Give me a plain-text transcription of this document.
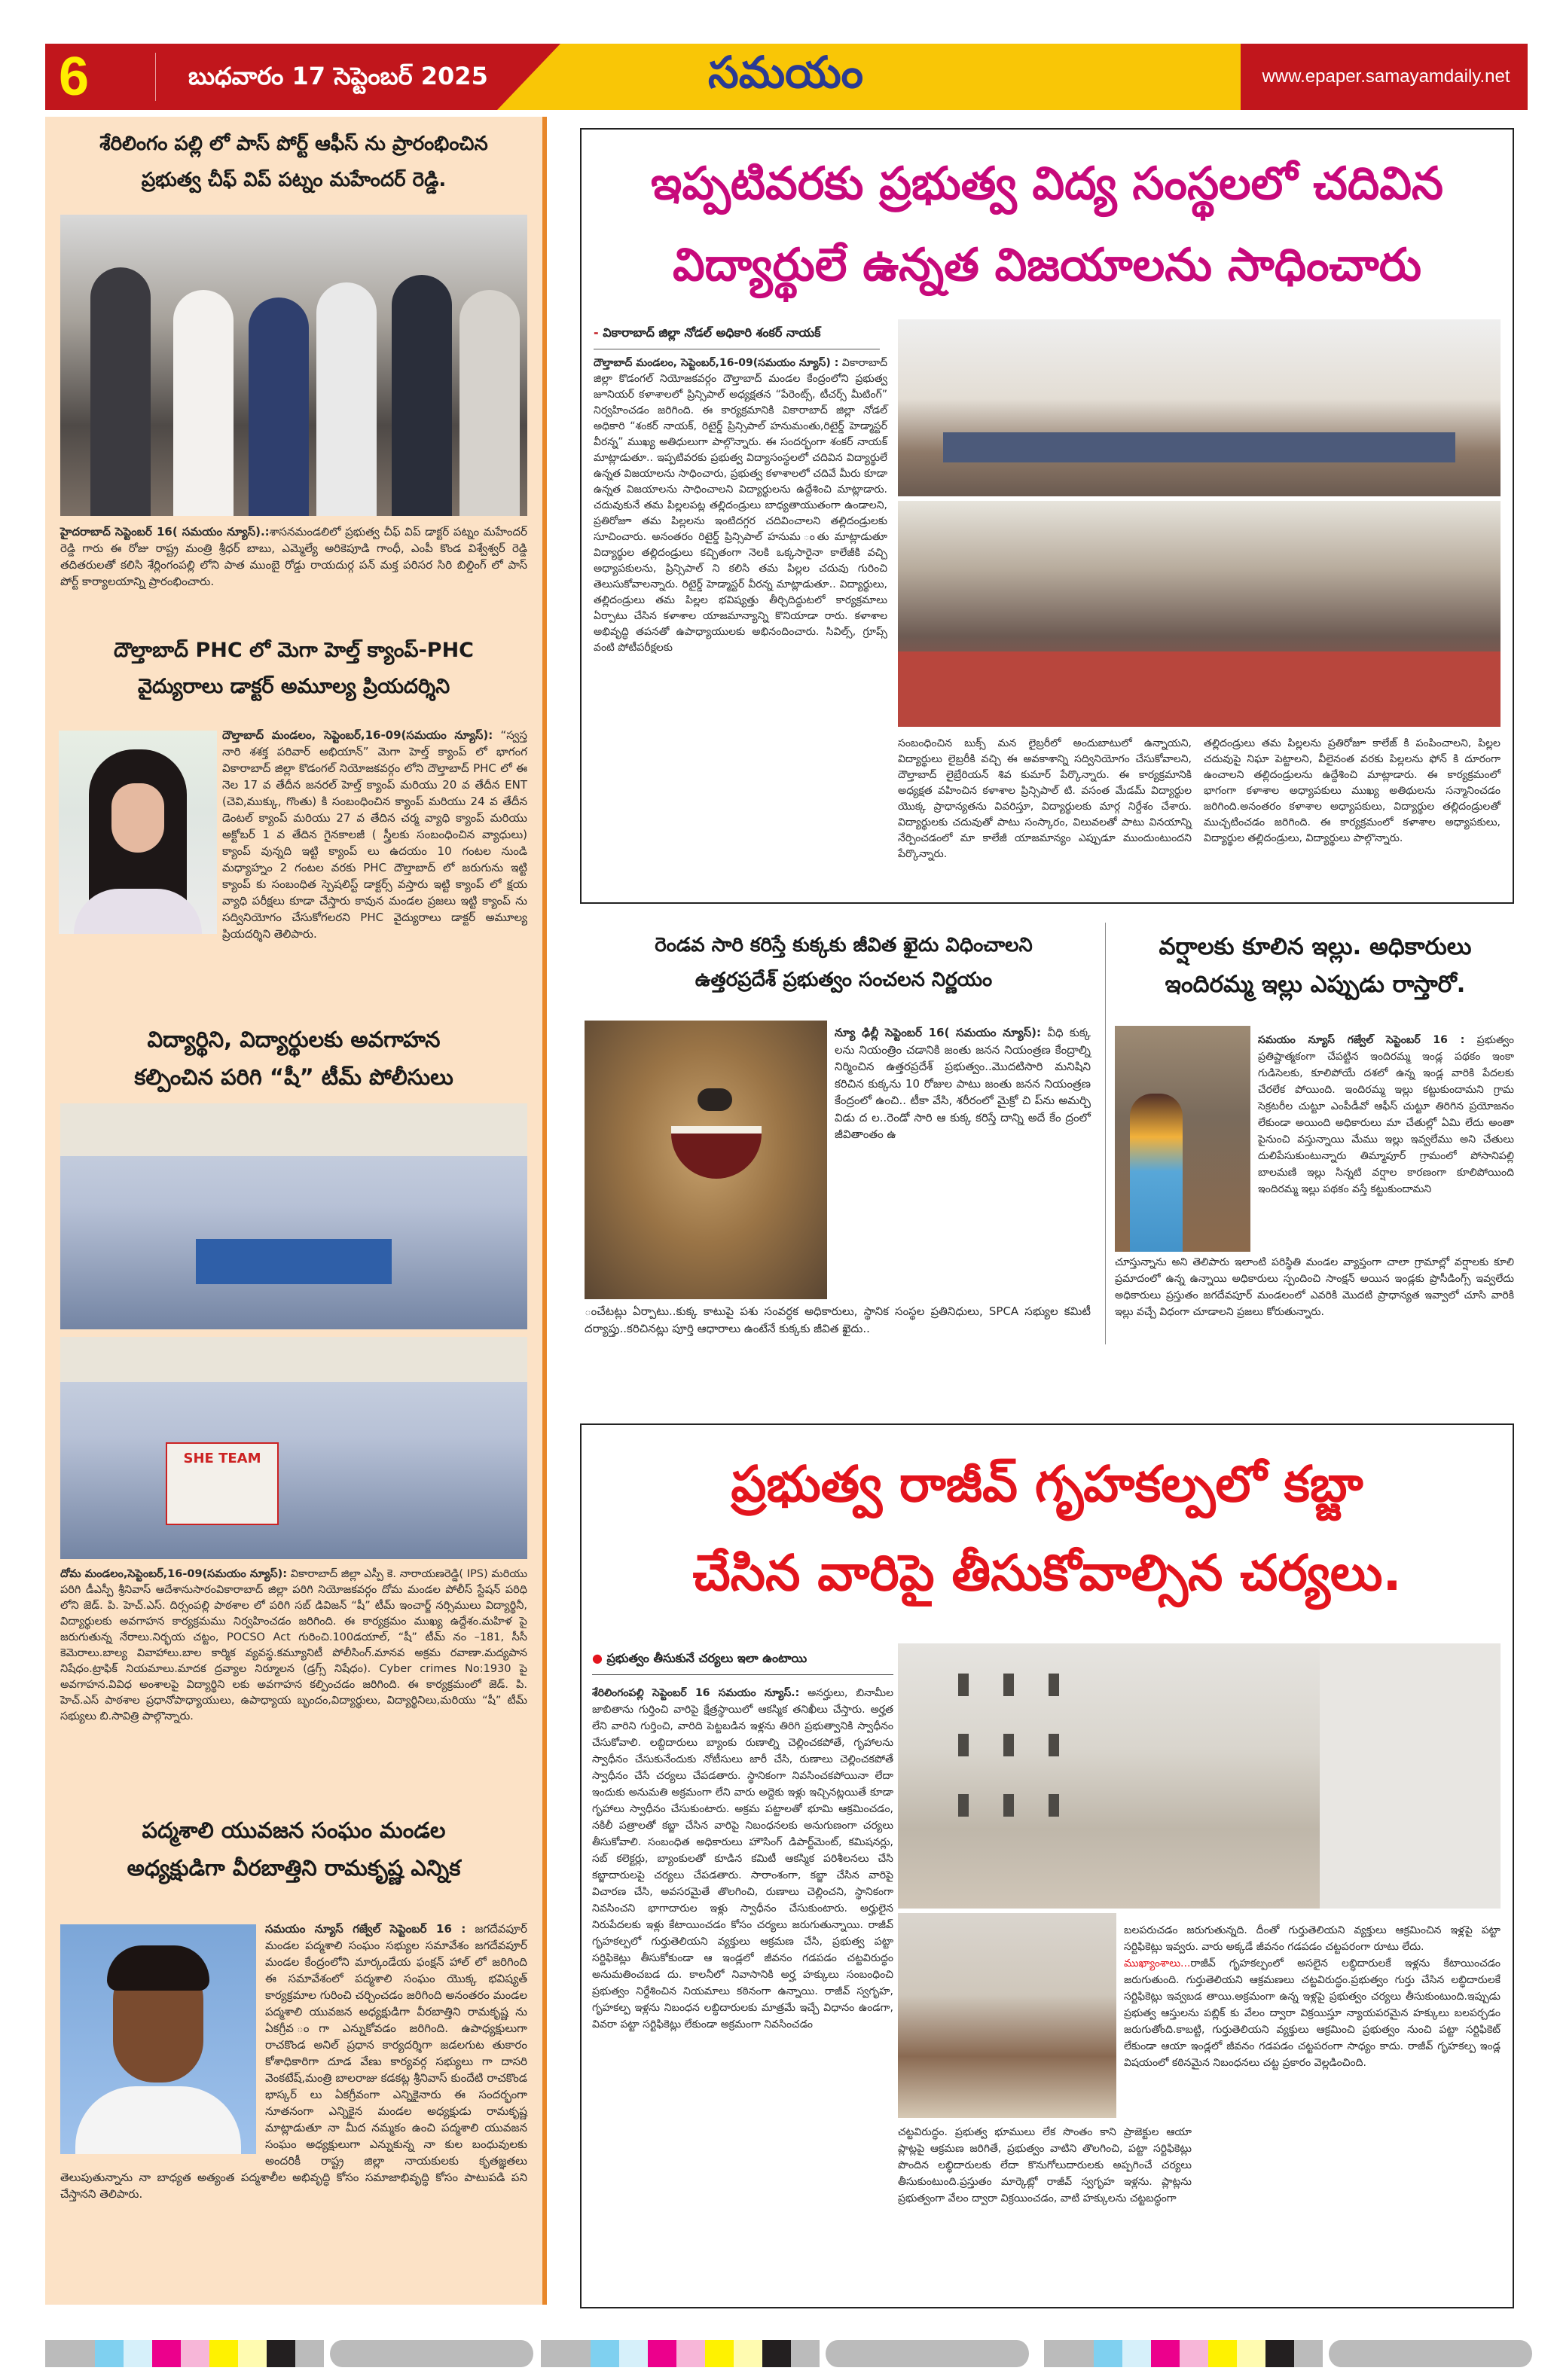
6	బుధవారం 17 సెప్టెంబర్ 2025	సమయం	www.epaper.samayamdaily.net
శేరిలింగం పల్లి లో పాస్ పోర్ట్ ఆఫీస్ ను ప్రారంభించిన
ప్రభుత్వ చీఫ్ విప్ పట్నం మహేందర్ రెడ్డి.
హైదరాబాద్ సెప్టెంబర్ 16( సమయం న్యూస్).:శాసనమండలిలో ప్రభుత్వ చీఫ్ విప్ డాక్టర్ పట్నం మహేందర్ రెడ్డి గారు ఈ రోజు రాష్ట్ర మంత్రి శ్రీధర్ బాబు, ఎమ్మెల్యే అరికెపూడి గాంధీ, ఎంపీ కొండ విశ్వేశ్వర్ రెడ్డి తదితరులతో కలిసి శేర్లింగంపల్లి లోని పాత ముంబై రోడ్డు రాయదుర్గ పన్ మక్త పరిసర సిరి బిల్డింగ్ లో పాస్ పోర్ట్ కార్యాలయాన్ని ప్రారంభించారు.
దౌల్తాబాద్ PHC లో మెగా హెల్త్ క్యాంప్-PHC
వైద్యురాలు డాక్టర్ అమూల్య ప్రియదర్శిని
దౌల్తాబాద్ మండలం, సెప్టెంబర్,16-09(సమయం న్యూస్): “స్వస్త నారి శశక్త పరివార్ అభియాన్” మెగా హెల్త్ క్యాంప్ లో భాగంగ వికారాబాద్ జిల్లా కొడంగల్ నియోజకవర్గం లోని దౌల్తాబాద్ PHC లో ఈ నెల 17 వ తేదీన జనరల్ హెల్త్ క్యాంప్ మరియు 20 వ తేదీన ENT (చెవి,ముక్కు, గొంతు) కి సంబంధించిన క్యాంప్ మరియు 24 వ తేదీన డెంటల్ క్యాంప్ మరియు 27 వ తేదిన చర్మ వ్యాధి క్యాంప్ మరియు అక్టోబర్ 1 వ తేదిన గైనకాలజీ ( స్త్రీలకు సంబంధించిన వ్యాధులు) క్యాంప్ వున్నది ఇట్టి క్యాంప్ లు ఉదయం 10 గంటల నుండి మధ్యాహ్నం 2 గంటల వరకు PHC దౌల్తాబాద్ లో జరుగును ఇట్టి క్యాంప్ కు సంబంధిత స్పెషలిస్ట్ డాక్టర్స్ వస్తారు ఇట్టి క్యాంప్ లో క్షయ వ్యాధి పరీక్షలు కూడా చేస్తారు కావున మండల ప్రజలు ఇట్టి క్యాంప్ ను సద్వినియోగం చేసుకోగలరని PHC వైద్యురాలు డాక్టర్ అమూల్య ప్రియదర్శిని తెలిపారు.
విద్యార్థిని, విద్యార్థులకు అవగాహన
కల్పించిన పరిగి “షీ” టీమ్ పోలీసులు
SHE TEAM
దోమ మండలం,సెప్టెంబర్,16-09(సమయం న్యూస్): వికారాబాద్ జిల్లా ఎస్పీ కె. నారాయణరెడ్డి( IPS) మరియు పరిగి డీఎస్పీ శ్రీనివాస్ ఆదేశానుసారంవికారాబాద్ జిల్లా పరిగి నియోజకవర్గం దోమ మండల పోలీస్ స్టేషన్ పరిధి లోని జెడ్. పి. హెచ్.ఎస్. దిర్సంపల్లి పాఠశాల లో పరిగి సబ్ డివిజన్ “షీ” టీమ్ ఇంచార్జ్ నర్సిములు విద్యార్థినీ, విద్యార్థులకు అవగాహన కార్యక్రమము నిర్వహించడం జరిగింది. ఈ కార్యక్రమం ముఖ్య ఉద్దేశం.మహిళ పై జరుగుతున్న నేరాలు.నిర్భయ చట్టం, POCSO Act గురించి.100డయాల్, “షీ” టీమ్ నం –181, సీసీ కెమెరాలు.బాల్య వివాహాలు.బాల కార్మిక వ్యవస్థ.కమ్యూనిటీ పోలీసింగ్.మానవ అక్రమ రవాణా.మద్యపాన నిషేధం.ట్రాఫిక్ నియమాలు.మాదక ద్రవ్యాల నిర్మూలన (డ్రగ్స్ నిషేధం). Cyber crimes No:1930 పై అవగాహన.వివిధ అంశాలపై విద్యార్థిని లకు అవగాహన కల్పించడం జరిగింది. ఈ కార్యక్రమంలో జెడ్. పి. హెచ్.ఎస్ పాఠశాల ప్రధానోపాధ్యాయులు, ఉపాధ్యాయ బృందం,విద్యార్థులు, విద్యార్థినిలు,మరియు “షీ” టీమ్ సభ్యులు బి.సావిత్రి పాల్గొన్నారు.
పద్మశాలి యువజన సంఘం మండల
అధ్యక్షుడిగా వీరబాత్తిని రామకృష్ణ ఎన్నిక
సమయం న్యూస్ గజ్వేల్ సెప్టెంబర్ 16 : జగదేవపూర్ మండల పద్మశాలి సంఘం సభ్యుల సమావేశం జగదేవపూర్ మండల కేంద్రంలోని మార్కండేయ ఫంక్షన్ హాల్ లో జరిగింది ఈ సమావేశంలో పద్మశాలి సంఘం యొక్క భవిష్యత్ కార్యక్రమాల గురించి చర్చించడం జరిగింది అనంతరం మండల పద్మశాలి యువజన అధ్యక్షుడిగా వీరబాత్తిని రామకృష్ణ ను ఏకగ్రీవ ంగా ఎన్నుకోవడం జరిగింది. ఉపాధ్యక్షులుగా రాచకొండ అనిల్ ప్రధాన కార్యదర్శిగా జడలగుట తుకారం కోశాధికారిగా దూడ వేణు కార్యవర్గ సభ్యులు గా దాసరి వెంకటేష్,మంత్రి బాలరాజు కడకట్ల శ్రీనివాస్ కుందేటి రాచకొండ భాస్కర్ లు ఏకగ్రీవంగా ఎన్నికైనారు ఈ సందర్భంగా నూతనంగా ఎన్నికైన మండల అధ్యక్షుడు రామకృష్ణ మాట్లాడుతూ నా మీద నమ్మకం ఉంచి పద్మశాలి యువజన సంఘం అధ్యక్షులుగా ఎన్నుకున్న నా కుల బంధువులకు అందరికీ రాష్ట్ర జిల్లా నాయకులకు కృతజ్ఞతలు తెలుపుతున్నాను నా బాధ్యత అత్యంత పద్మశాలీల అభివృద్ధి కోసం సమాజాభివృద్ధి కోసం పాటుపడి పని చేస్తానని తెలిపారు.
ఇప్పటివరకు ప్రభుత్వ విద్య సంస్థలలో చదివిన
విద్యార్థులే ఉన్నత విజయాలను సాధించారు
- వికారాబాద్ జిల్లా నోడల్ అధికారి శంకర్ నాయక్
దౌల్తాబాద్ మండలం, సెప్టెంబర్,16-09(సమయం న్యూస్) : వికారాబాద్ జిల్లా కొడంగల్ నియోజకవర్గం దౌల్తాబాద్ మండల కేంద్రంలోని ప్రభుత్వ జూనియర్ కళాశాలలో ప్రిన్సిపాల్ అధ్యక్షతన “పేరెంట్స్, టీచర్స్ మీటింగ్” నిర్వహించడం జరిగింది. ఈ కార్యక్రమానికి వికారాబాద్ జిల్లా నోడల్ అధికారి “శంకర్ నాయక్, రిటైర్డ్ ప్రిన్సిపాల్ హనుమంతు,రిటైర్డ్ హెడ్మాస్టర్ వీరన్న” ముఖ్య అతిధులుగా పాల్గొన్నారు. ఈ సందర్భంగా శంకర్ నాయక్ మాట్లాడుతూ.. ఇప్పటివరకు ప్రభుత్వ విద్యాసంస్థలలో చదివిన విద్యార్థులే ఉన్నత విజయాలను సాధించారు, ప్రభుత్వ కళాశాలలో చదివే మీరు కూడా ఉన్నత విజయాలను సాధించాలని విద్యార్థులను ఉద్దేశించి మాట్లాడారు. చదువుకునే తమ పిల్లలపట్ల తల్లిదండ్రులు బాధ్యతాయుతంగా ఉండాలని, ప్రతిరోజూ తమ పిల్లలను ఇంటిదగ్గర చదివించాలని తల్లిదండ్రులకు సూచించారు. అనంతరం రిటైర్డ్ ప్రిన్సిపాల్ హనుమ ంతు మాట్లాడుతూ విద్యార్థుల తల్లిదండ్రులు కచ్చితంగా నెలకి ఒక్కసారైనా కాలేజీకి వచ్చి అధ్యాపకులను, ప్రిన్సిపాల్ ని కలిసి తమ పిల్లల చదువు గురించి తెలుసుకోవాలన్నారు. రిటైర్డ్ హెడ్మాస్టర్ వీరన్న మాట్లాడుతూ.. విద్యార్థులు, తల్లిదండ్రులు తమ పిల్లల భవిష్యత్తు తీర్చిదిద్దుటలో కార్యక్రమాలు ఏర్పాటు చేసిన కళాశాల యాజమాన్యాన్ని కొనియాడా రారు. కళాశాల అభివృద్ధి తపనతో ఉపాధ్యాయులకు అభినందించారు. సివిల్స్, గ్రూప్స్ వంటి పోటీపరీక్షలకు
సంబంధించిన బుక్స్ మన లైబ్రరీలో అందుబాటులో ఉన్నాయని, విద్యార్థులు లైబ్రరీకి వచ్చి ఈ అవకాశాన్ని సద్వినియోగం చేసుకోవాలని, దౌల్తాబాద్ లైబ్రేరియన్ శివ కుమార్ పేర్కొన్నారు. ఈ కార్యక్రమానికి అధ్యక్షత వహించిన కళాశాల ప్రిన్సిపాల్ టి. వసంత మేడమ్ విద్యార్థుల యొక్క ప్రాధాన్యతను వివరిస్తూ, విద్యార్థులకు మార్గ నిర్దేశం చేశారు. విద్యార్థులకు చదువుతో పాటు సంస్కారం, విలువలతో పాటు వినయాన్ని నేర్పించడంలో మా కాలేజీ యాజమాన్యం ఎప్పుడూ ముందుంటుందని పేర్కొన్నారు.
తల్లిదండ్రులు తమ పిల్లలను ప్రతిరోజూ కాలేజ్ కి పంపించాలని, పిల్లల చదువుపై నిఘా పెట్టాలని, వీలైనంత వరకు పిల్లలను ఫోన్ కి దూరంగా ఉంచాలని తల్లిదండ్రులను ఉద్దేశించి మాట్లాడారు. ఈ కార్యక్రమంలో భాగంగా కళాశాల అధ్యాపకులు ముఖ్య అతిథులను సన్మానించడం జరిగింది.అనంతరం కళాశాల అధ్యాపకులు, విద్యార్థుల తల్లిదండ్రులతో ముచ్చటించడం జరిగింది. ఈ కార్యక్రమంలో కళాశాల అధ్యాపకులు, విద్యార్థుల తల్లిదండ్రులు, విద్యార్థులు పాల్గొన్నారు.
రెండవ సారి కరిస్తే కుక్కకు జీవిత ఖైదు విధించాలని
ఉత్తరప్రదేశ్ ప్రభుత్వం సంచలన నిర్ణయం
న్యూ ఢిల్లీ సెప్టెంబర్ 16( సమయం న్యూస్): వీధి కుక్క లను నియంత్రిం చడానికి జంతు జనన నియంత్రణ కేంద్రాల్ని నిర్మించిన ఉత్తరప్రదేశ్ ప్రభుత్వం..మొదటిసారి మనిషిని కరిచిన కుక్కను 10 రోజుల పాటు జంతు జనన నియంత్రణ కేంద్రంలో ఉంచి.. టీకా వేసి, శరీరంలో మైక్రో చి ప్‌ను అమర్చి విడు ద ల..రెండో సారి ఆ కుక్క కరిస్తే దాన్ని అదే కేం ద్రంలో జీవితాంతం ఉ
ంచేటట్లు ఏర్పాటు..కుక్క కాటుపై పశు సంవర్ధక అధికారులు, స్థానిక సంస్థల ప్రతినిధులు, SPCA సభ్యుల కమిటీ దర్యాప్తు..కరిచినట్లు పూర్తి ఆధారాలు ఉంటేనే కుక్కకు జీవిత ఖైదు..
వర్షాలకు కూలిన ఇల్లు. అధికారులు
ఇందిరమ్మ ఇల్లు ఎప్పుడు రాస్తారో.
సమయం న్యూస్ గజ్వేల్ సెప్టెంబర్ 16 : ప్రభుత్వం ప్రతిష్టాత్మకంగా చేపట్టిన ఇందిరమ్మ ఇండ్ల పథకం ఇంకా గుడిసెలకు, కూలిపోయే దశలో ఉన్న ఇండ్ల వారికి పేదలకు చేరలేక పోయింది. ఇందిరమ్మ ఇల్లు కట్టుకుందామని గ్రామ సెక్రటరీల చుట్టూ ఎంపీడీవో ఆఫీస్ చుట్టూ తిరిగిన ప్రయోజనం లేకుండా అయింది అధికారులు మా చేతుల్లో ఏమి లేదు అంతా పైనుంచి వస్తున్నాయి మేము ఇల్లు ఇవ్వలేము అని చేతులు దులిపేసుకుంటున్నారు తిమ్మాపూర్ గ్రామంలో పోసానిపల్లి బాలమణి ఇల్లు సిన్నటి వర్షాల కారణంగా కూలిపోయింది ఇందిరమ్మ ఇల్లు పథకం వస్తే కట్టుకుందామని
చూస్తున్నాను అని తెలిపారు ఇలాంటి పరిస్థితి మండల వ్యాప్తంగా చాలా గ్రామాల్లో వర్షాలకు కూలి ప్రమాదంలో ఉన్న ఉన్నాయి అధికారులు స్పందించి సాంక్షన్ అయిన ఇండ్లకు ప్రొసీడింగ్స్ ఇవ్వలేదు అధికారులు ప్రస్తుతం జగదేవపూర్ మండలంలో ఎవరికి మొదటి ప్రాధాన్యత ఇవ్వాలో చూసి వారికి ఇల్లు వచ్చే విధంగా చూడాలని ప్రజలు కోరుతున్నారు.
ప్రభుత్వ రాజీవ్ గృహకల్పలో కబ్జా
చేసిన వారిపై తీసుకోవాల్సిన చర్యలు.
● ప్రభుత్వం తీసుకునే చర్యలు ఇలా ఉంటాయి
శేరిలింగంపల్లి సెప్టెంబర్ 16 సమయం న్యూస్.: అనర్హులు, బినామీల జాబితాను గుర్తించి వారిపై క్షేత్రస్థాయిలో ఆకస్మిక తనిఖీలు చేస్తారు. అర్హత లేని వారిని గుర్తించి, వారిది పెట్టబడిన ఇళ్లను తిరిగి ప్రభుత్వానికి స్వాధీనం చేసుకోవాలి. లబ్ధిదారులు బ్యాంకు రుణాల్ని చెల్లించకపోతే, గృహాలను స్వాధీనం చేసుకునేందుకు నోటీసులు జారీ చేసి, రుణాలు చెల్లించకపోతే స్వాధీనం చేసే చర్యలు చేపడతారు. స్థానికంగా నివసించకపోయినా లేదా ఇందుకు అనుమతి అక్రమంగా లేని వారు అద్దెకు ఇళ్లు ఇచ్చినట్లయితే కూడా గృహాలు స్వాధీనం చేసుకుంటారు. అక్రమ పట్టాలతో భూమి ఆక్రమించడం, నకిలీ పత్రాలతో కబ్జా చేసిన వారిపై నిబంధనలకు అనుగుణంగా చర్యలు తీసుకోవాలి. సంబంధిత అధికారులు హౌసింగ్ డిపార్ట్‌మెంట్, కమిషనర్లు, సబ్ కలెక్టర్లు, బ్యాంకులతో కూడిన కమిటీ ఆకస్మిక పరిశీలనలు చేసి కబ్జాదారులపై చర్యలు చేపడతారు. సారాంశంగా, కబ్జా చేసిన వారిపై విచారణ చేసి, అవసరమైతే తొలగించి, రుణాలు చెల్లించని, స్థానికంగా నివసించని భాగాదారుల ఇళ్లు స్వాధీనం చేసుకుంటారు. అర్హులైన నిరుపేదలకు ఇళ్లు కేటాయించడం కోసం చర్యలు జరుగుతున్నాయి. రాజీవ్ గృహకల్పలో గుర్తుతెలియని వ్యక్తులు ఆక్రమణ చేసి, ప్రభుత్వ పట్టా సర్టిఫికెట్లు తీసుకోకుండా ఆ ఇండ్లలో జీవనం గడపడం చట్టవిరుద్ధం అనుమతించబడ దు. కాలనీలో నివాసానికి అర్హ హక్కులు సంబంధించి ప్రభుత్వం నిర్దేశించిన నియమాలు కఠినంగా ఉన్నాయి. రాజీవ్ స్వగృహ, గృహకల్ప ఇళ్లను నిబంధన లబ్ధిదారులకు మాత్రమే ఇచ్చే విధానం ఉండగా, వివరా పట్టా సర్టిఫికెట్లు లేకుండా అక్రమంగా నివసించడం
చట్టవిరుద్ధం. ప్రభుత్వ భూములు లేక సొంతం కాని ప్రాజెక్టుల ఆయా ప్లాట్లపై ఆక్రమణ జరిగితే, ప్రభుత్వం వాటిని తొలగించి, పట్టా సర్టిఫికెట్లు పొందిన లబ్ధిదారులకు లేదా కొనుగోలుదారులకు అప్పగించే చర్యలు తీసుకుంటుంది.ప్రస్తుతం మార్కెట్లో రాజీవ్ స్వగృహ ఇళ్లను. ప్లాట్లను ప్రభుత్వంగా వేలం ద్వారా విక్రయించడం, వాటి హక్కులను చట్టబద్ధంగా
బలపరుచడం జరుగుతున్నది. దీంతో గుర్తుతెలియని వ్యక్తులు ఆక్రమించిన ఇళ్లపై పట్టా సర్టిఫికెట్లు ఇవ్వరు. వారు అక్కడే జీవనం గడపడం చట్టపరంగా రూటు లేదు.
ముఖ్యాంశాలు...రాజీవ్ గృహకల్పంలో అసలైన లబ్ధిదారులకే ఇళ్లను కేటాయించడం జరుగుతుంది. గుర్తుతెలియని ఆక్రమణలు చట్టవిరుద్ధం.ప్రభుత్వం గుర్తు చేసిన లబ్ధిదారులకే సర్టిఫికెట్లు ఇవ్వబడ తాయి.అక్రమంగా ఉన్న ఇళ్లపై ప్రభుత్వం చర్యలు తీసుకుంటుంది.ఇప్పుడు ప్రభుత్వ ఆస్తులను పబ్లిక్ కు వేలం ద్వారా విక్రయిస్తూ న్యాయపరమైన హక్కులు బలపర్చడం జరుగుతోంది.కాబట్టి, గుర్తుతెలియని వ్యక్తులు ఆక్రమించి ప్రభుత్వం నుంచి పట్టా సర్టిఫికెట్ లేకుండా ఆయా ఇండ్లలో జీవనం గడపడం చట్టపరంగా సాధ్యం కాదు. రాజీవ్ గృహకల్ప ఇండ్ల విషయంలో కఠినమైన నిబంధనలు చట్ట ప్రకారం వెల్లడించింది.
